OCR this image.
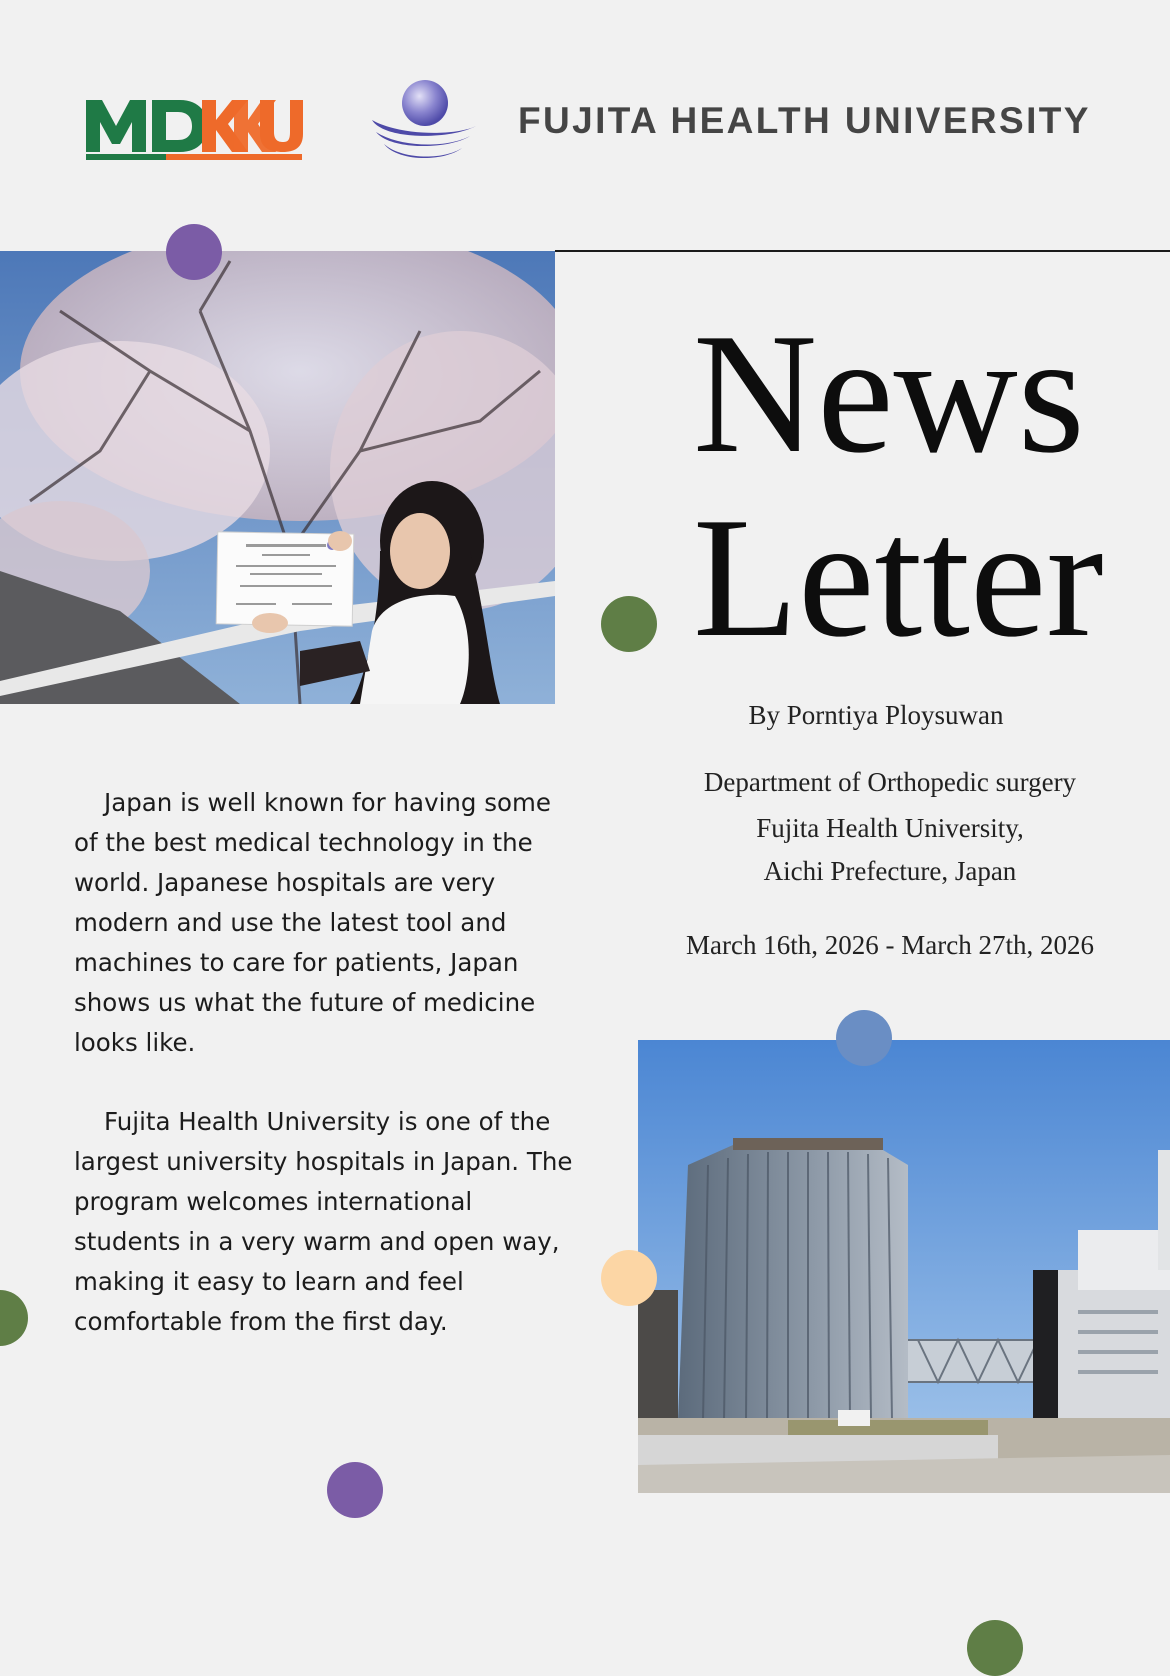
FUJITA HEALTH UNIVERSITY
News
Letter
By Porntiya Ploysuwan
Department of Orthopedic surgery
Fujita Health University,
Aichi Prefecture, Japan
March 16th, 2026 - March 27th, 2026
Japan is well known for having some of the best medical technology in the world. Japanese hospitals are very modern and use the latest tool and machines to care for patients, Japan shows us what the future of medicine looks like.
Fujita Health University is one of the largest university hospitals in Japan. The program welcomes international students in a very warm and open way, making it easy to learn and feel comfortable from the first day.
